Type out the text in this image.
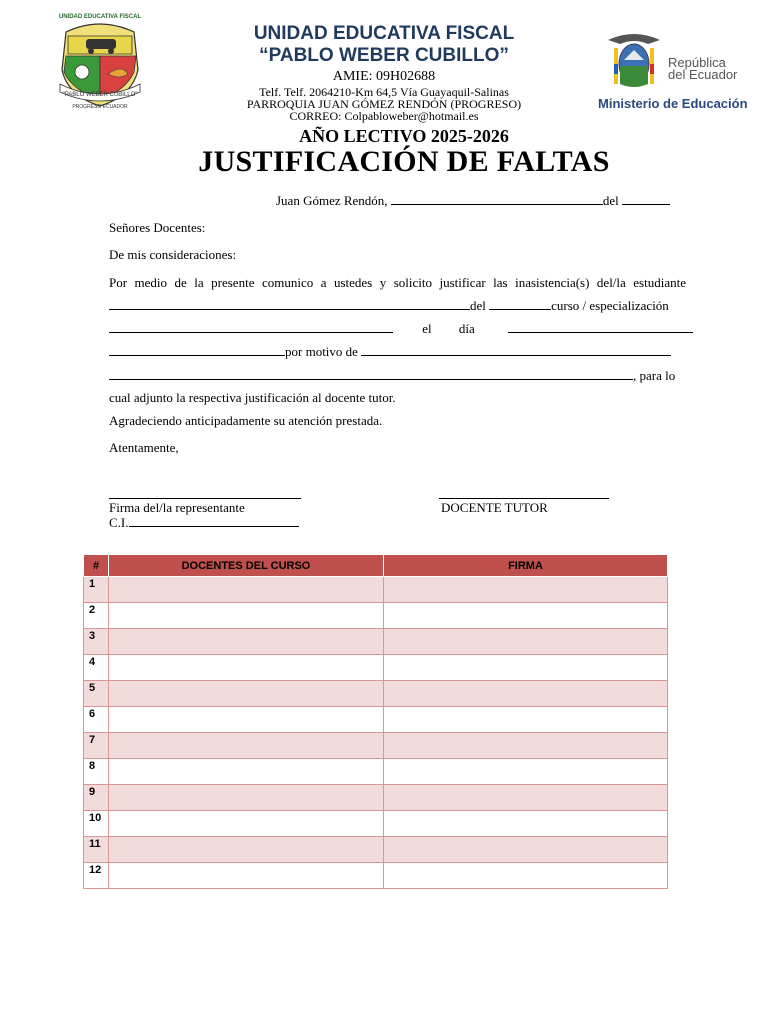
UNIDAD EDUCATIVA FISCAL
"PABLO WEBER CUBILLO"
PROGRESO ECUADOR
República
del Ecuador
Ministerio de Educación
UNIDAD EDUCATIVA FISCAL
“PABLO WEBER CUBILLO”
AMIE: 09H02688
Telf. Telf. 2064210-Km 64,5 Vía Guayaquil-Salinas
PARROQUIA JUAN GÓMEZ RENDÓN (PROGRESO)
CORREO: Colpabloweber@hotmail.es
AÑO LECTIVO 2025-2026
JUSTIFICACIÓN DE FALTAS
Juan Gómez Rendón,	del
Señores Docentes:
De mis consideraciones:
Por medio de la presente comunico a ustedes y solicito justificar las inasistencia(s) del/la estudiante
del	curso / especialización
el día
por motivo de
, para lo
cual adjunto la respectiva justificación al docente tutor.
Agradeciendo anticipadamente su atención prestada.
Atentamente,
Firma del/la representante
C.I.
DOCENTE TUTOR
#	DOCENTES DEL CURSO	FIRMA
1		
2		
3		
4		
5		
6		
7		
8		
9		
10		
11		
12		
